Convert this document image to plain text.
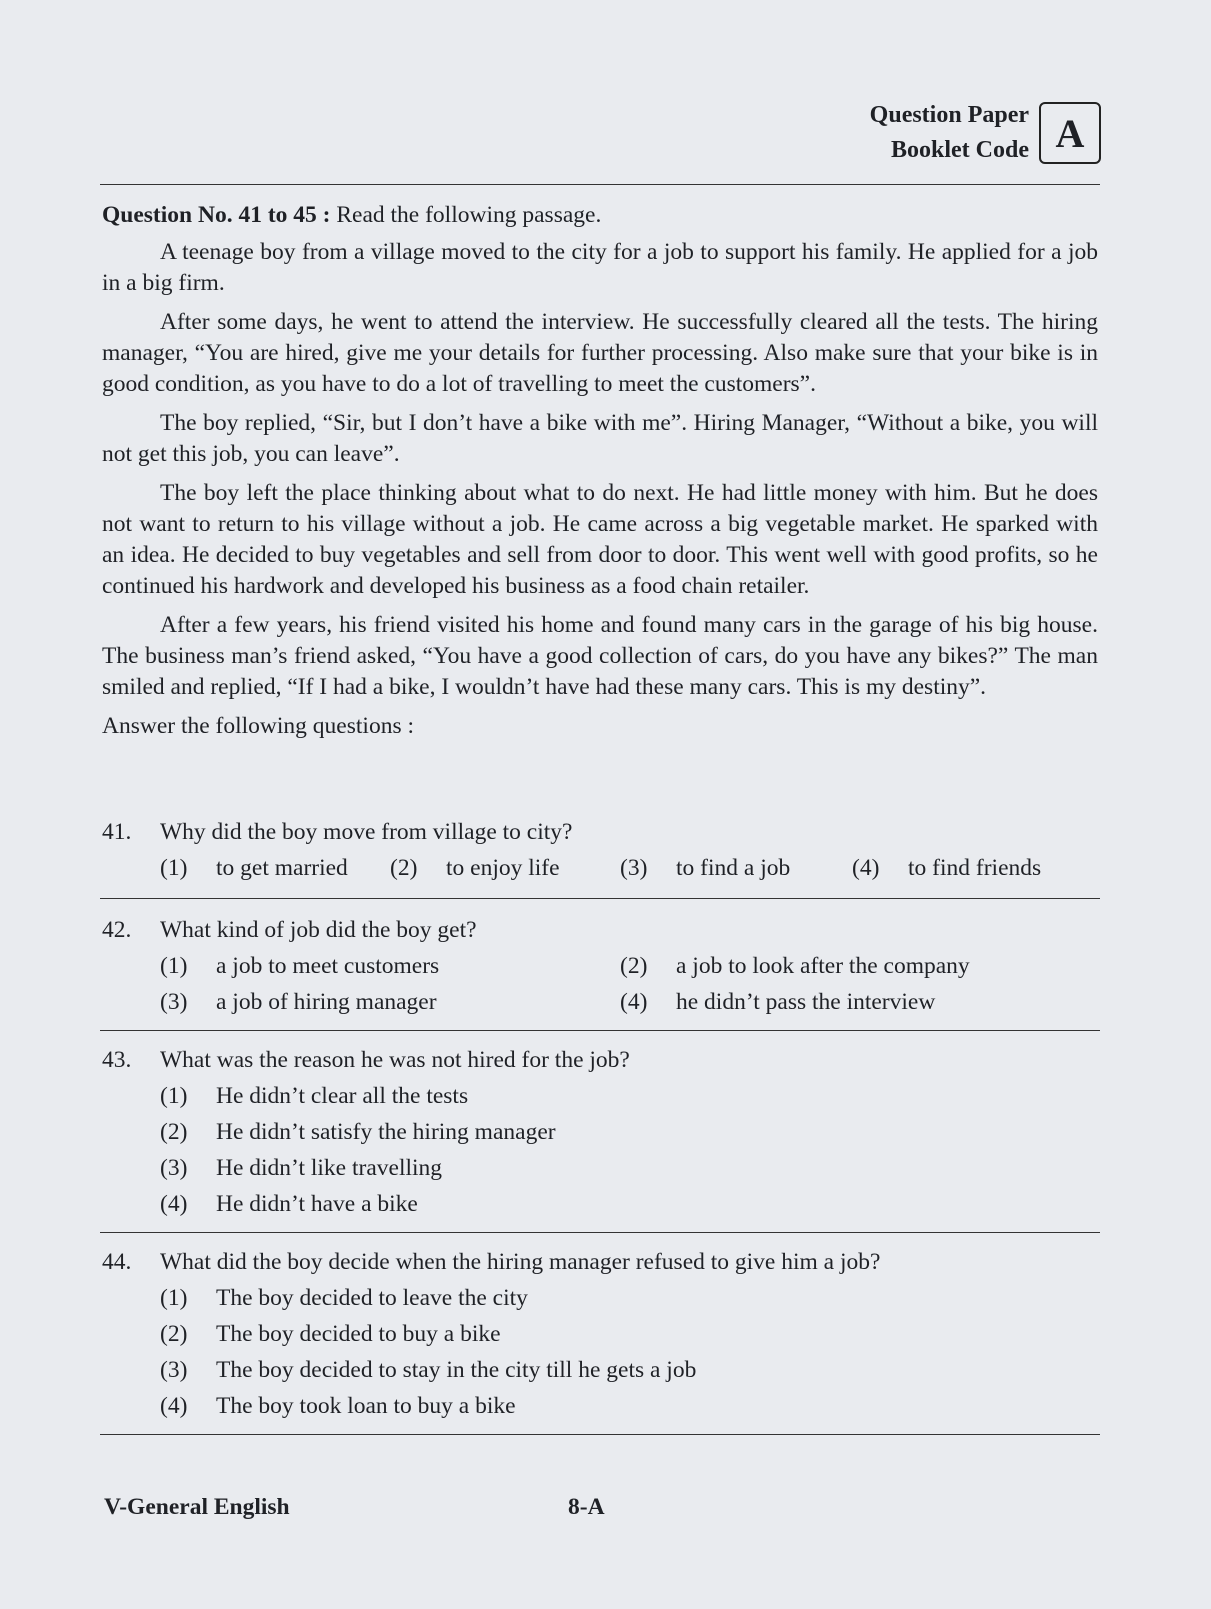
Question Paper
Booklet Code A

Question No. 41 to 45 : Read the following passage.

A teenage boy from a village moved to the city for a job to support his family. He applied for a job in a big firm.

After some days, he went to attend the interview. He successfully cleared all the tests. The hiring manager, “You are hired, give me your details for further processing. Also make sure that your bike is in good condition, as you have to do a lot of travelling to meet the customers”.

The boy replied, “Sir, but I don’t have a bike with me”. Hiring Manager, “Without a bike, you will not get this job, you can leave”.

The boy left the place thinking about what to do next. He had little money with him. But he does not want to return to his village without a job. He came across a big vegetable market. He sparked with an idea. He decided to buy vegetables and sell from door to door. This went well with good profits, so he continued his hardwork and developed his business as a food chain retailer.

After a few years, his friend visited his home and found many cars in the garage of his big house. The business man’s friend asked, “You have a good collection of cars, do you have any bikes?” The man smiled and replied, “If I had a bike, I wouldn’t have had these many cars. This is my destiny”.

Answer the following questions :

41.	Why did the boy move from village to city?
(1)	to get married (2)	to enjoy life	(3)	to find a job	(4)	to find friends
42.	What kind of job did the boy get?
(1)	a job to meet customers	(2)	a job to look after the company
(3)	a job of hiring manager	(4)	he didn’t pass the interview
43.	What was the reason he was not hired for the job?
(1)	He didn’t clear all the tests
(2)	He didn’t satisfy the hiring manager
(3)	He didn’t like travelling
(4)	He didn’t have a bike
44.	What did the boy decide when the hiring manager refused to give him a job?
(1)	The boy decided to leave the city
(2)	The boy decided to buy a bike
(3)	The boy decided to stay in the city till he gets a job
(4)	The boy took loan to buy a bike
V-General English	8-A
